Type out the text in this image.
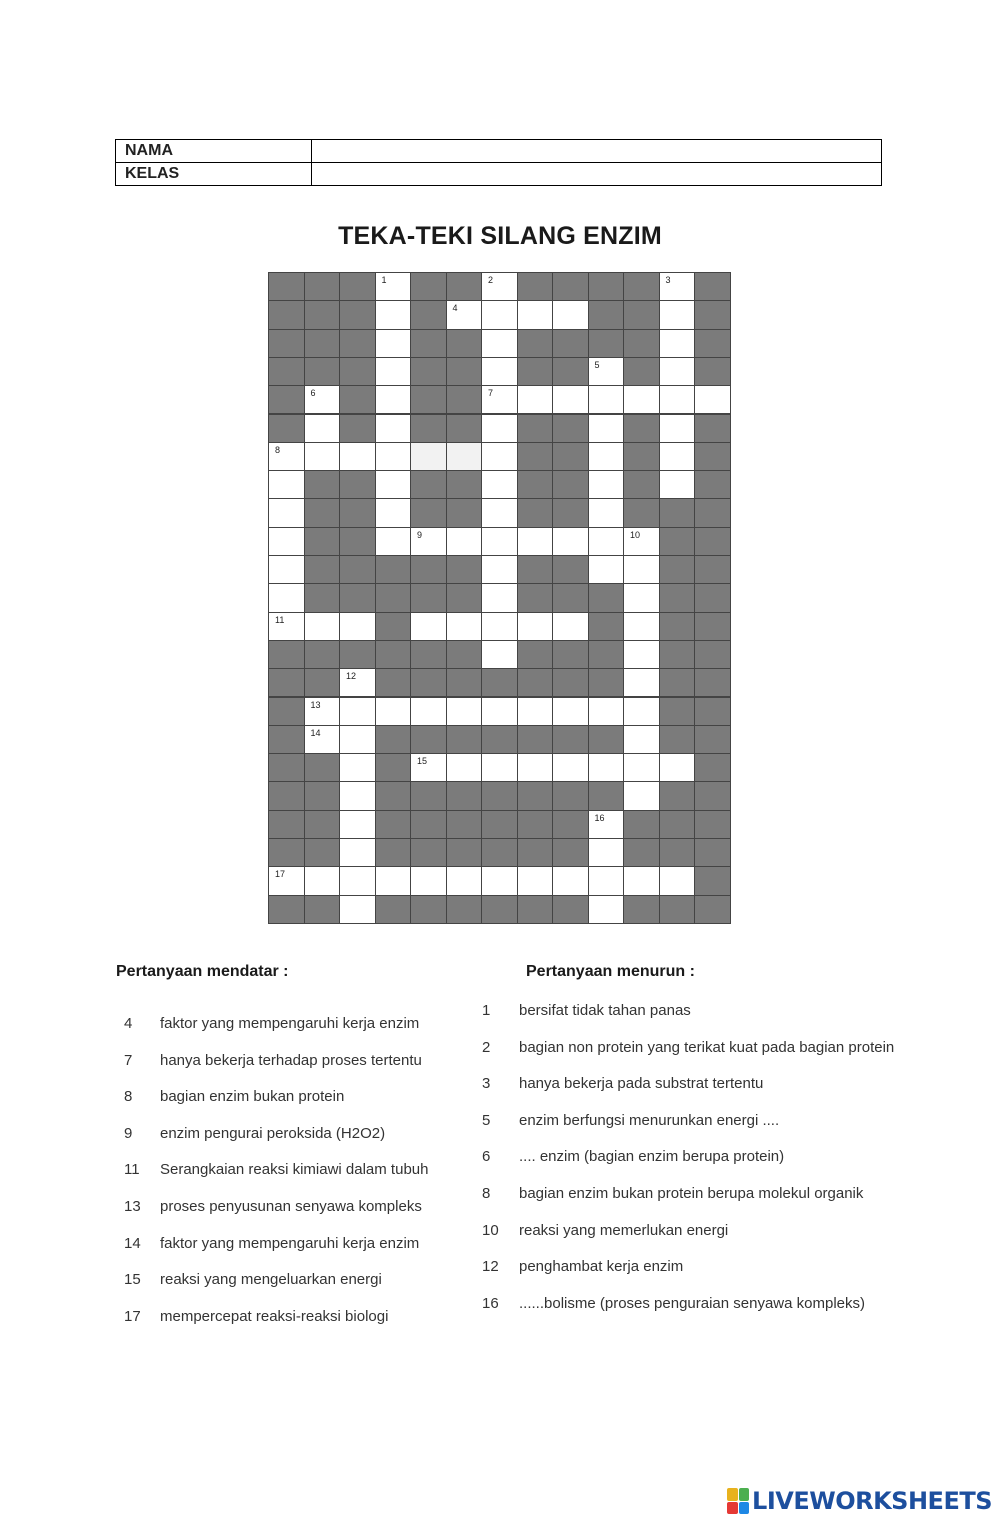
NAMA	
KELAS	
TEKA-TEKI SILANG ENZIM
1	2	3
4
5
6	7
8
9	10
11
12
13
14
15
16
17
Pertanyaan mendatar :	Pertanyaan menurun :
4 faktor yang mempengaruhi kerja enzim
7 hanya bekerja terhadap proses tertentu
8 bagian enzim bukan protein
9 enzim pengurai peroksida (H2O2)
11 Serangkaian reaksi kimiawi dalam tubuh
13 proses penyusunan senyawa kompleks
14 faktor yang mempengaruhi kerja enzim
15 reaksi yang mengeluarkan energi
17 mempercepat reaksi-reaksi biologi
1 bersifat tidak tahan panas
2 bagian non protein yang terikat kuat pada bagian protein
3 hanya bekerja pada substrat tertentu
5 enzim berfungsi menurunkan energi ....
6 .... enzim (bagian enzim berupa protein)
8 bagian enzim bukan protein berupa molekul organik
10 reaksi yang memerlukan energi
12 penghambat kerja enzim
16 ......bolisme (proses penguraian senyawa kompleks)
LIVEWORKSHEETS
